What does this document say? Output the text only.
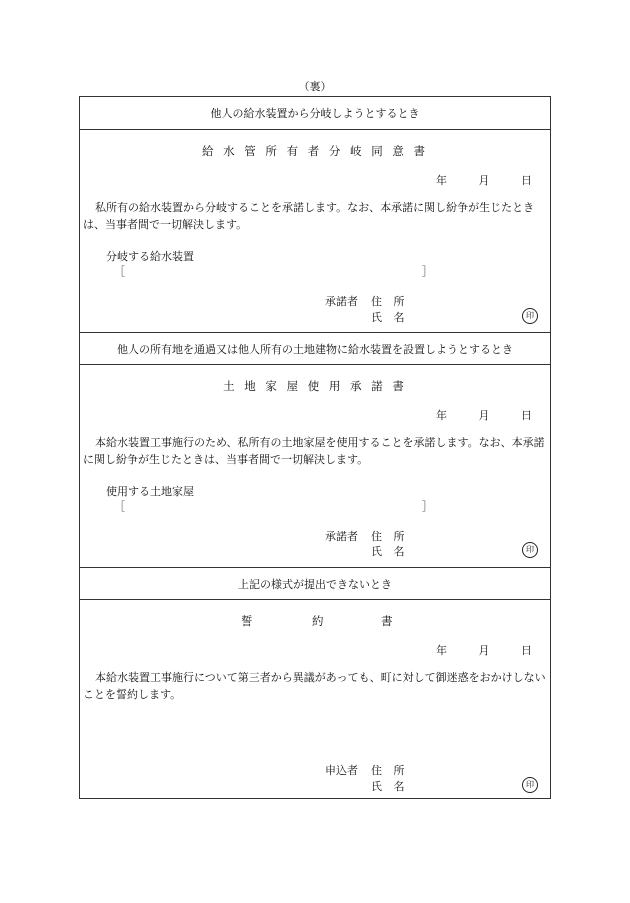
（裏）
他人の給水装置から分岐しようとするとき
給 水 管 所 有 者 分 岐 同 意 書
年	月	日
私所有の給水装置から分岐することを承諾します。なお、本承諾に関し紛争が生じたときは、当事者間で一切解決します。
分岐する給水装置
［	］
承諾者 住 所
氏 名	印
他人の所有地を通過又は他人所有の土地建物に給水装置を設置しようとするとき
土 地 家 屋 使 用 承 諾 書
年	月	日
本給水装置工事施行のため、私所有の土地家屋を使用することを承諾します。なお、本承諾に関し紛争が生じたときは、当事者間で一切解決します。
使用する土地家屋
［	］
承諾者 住 所
氏 名	印
上記の様式が提出できないとき
誓	約	書
年	月	日
本給水装置工事施行について第三者から異議があっても、町に対して御迷惑をおかけしないことを誓約します。
申込者 住 所
氏 名	印
